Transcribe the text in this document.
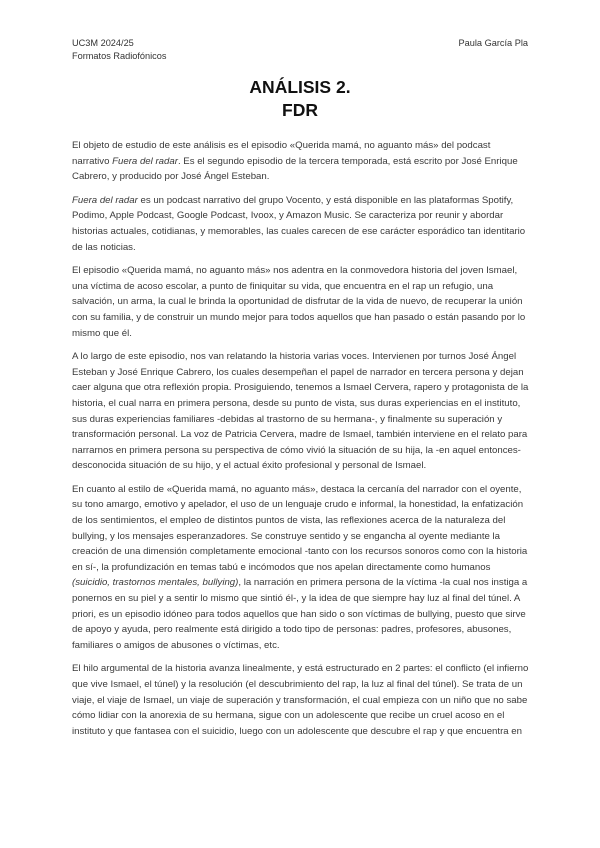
UC3M 2024/25
Formatos Radiofónicos
Paula García Pla
ANÁLISIS 2.
FDR

El objeto de estudio de este análisis es el episodio «Querida mamá, no aguanto más» del podcast narrativo Fuera del radar. Es el segundo episodio de la tercera temporada, está escrito por José Enrique Cabrero, y producido por José Ángel Esteban.

Fuera del radar es un podcast narrativo del grupo Vocento, y está disponible en las plataformas Spotify, Podimo, Apple Podcast, Google Podcast, Ivoox, y Amazon Music. Se caracteriza por reunir y abordar historias actuales, cotidianas, y memorables, las cuales carecen de ese carácter esporádico tan identitario de las noticias.

El episodio «Querida mamá, no aguanto más» nos adentra en la conmovedora historia del joven Ismael, una víctima de acoso escolar, a punto de finiquitar su vida, que encuentra en el rap un refugio, una salvación, un arma, la cual le brinda la oportunidad de disfrutar de la vida de nuevo, de recuperar la unión con su familia, y de construir un mundo mejor para todos aquellos que han pasado o están pasando por lo mismo que él.

A lo largo de este episodio, nos van relatando la historia varias voces. Intervienen por turnos José Ángel Esteban y José Enrique Cabrero, los cuales desempeñan el papel de narrador en tercera persona y dejan caer alguna que otra reflexión propia. Prosiguiendo, tenemos a Ismael Cervera, rapero y protagonista de la historia, el cual narra en primera persona, desde su punto de vista, sus duras experiencias en el instituto, sus duras experiencias familiares -debidas al trastorno de su hermana-, y finalmente su superación y transformación personal. La voz de Patricia Cervera, madre de Ismael, también interviene en el relato para narrarnos en primera persona su perspectiva de cómo vivió la situación de su hija, la -en aquel entonces- desconocida situación de su hijo, y el actual éxito profesional y personal de Ismael.

En cuanto al estilo de «Querida mamá, no aguanto más», destaca la cercanía del narrador con el oyente, su tono amargo, emotivo y apelador, el uso de un lenguaje crudo e informal, la honestidad, la enfatización de los sentimientos, el empleo de distintos puntos de vista, las reflexiones acerca de la naturaleza del bullying, y los mensajes esperanzadores. Se construye sentido y se engancha al oyente mediante la creación de una dimensión completamente emocional -tanto con los recursos sonoros como con la historia en sí-, la profundización en temas tabú e incómodos que nos apelan directamente como humanos (suicidio, trastornos mentales, bullying), la narración en primera persona de la víctima -la cual nos instiga a ponernos en su piel y a sentir lo mismo que sintió él-, y la idea de que siempre hay luz al final del túnel. A priori, es un episodio idóneo para todos aquellos que han sido o son víctimas de bullying, puesto que sirve de apoyo y ayuda, pero realmente está dirigido a todo tipo de personas: padres, profesores, abusones, familiares o amigos de abusones o víctimas, etc.

El hilo argumental de la historia avanza linealmente, y está estructurado en 2 partes: el conflicto (el infierno que vive Ismael, el túnel) y la resolución (el descubrimiento del rap, la luz al final del túnel). Se trata de un viaje, el viaje de Ismael, un viaje de superación y transformación, el cual empieza con un niño que no sabe cómo lidiar con la anorexia de su hermana, sigue con un adolescente que recibe un cruel acoso en el instituto y que fantasea con el suicidio, luego con un adolescente que descubre el rap y que encuentra en
